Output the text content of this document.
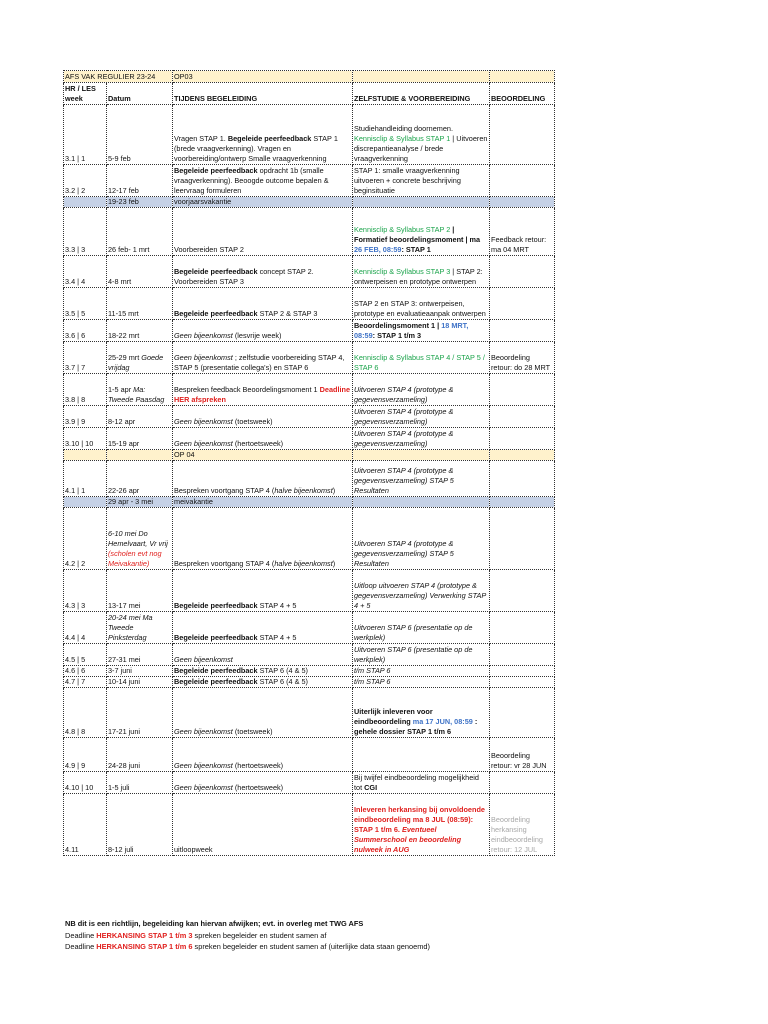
AFS VAK REGULIER 23-24		OP03		
HR / LES week	Datum	TIJDENS BEGELEIDING	ZELFSTUDIE & VOORBEREIDING	BEOORDELING
3.1 | 1	5-9 feb	Vragen STAP 1. Begeleide peerfeedback STAP 1 (brede vraagverkenning). Vragen en voorbereiding/ontwerp Smalle vraagverkenning	Studiehandleiding doornemen. Kennisclip & Syllabus STAP 1 | Uitvoeren discrepantieanalyse / brede vraagverkenning	
3.2 | 2	12-17 feb	Begeleide peerfeedback opdracht 1b (smalle vraagverkenning). Beoogde outcome bepalen & leervraag formuleren	STAP 1: smalle vraagverkenning uitvoeren + concrete beschrijving beginsituatie	
	19-23 feb	voorjaarsvakantie		
3.3 | 3	26 feb- 1 mrt	Voorbereiden STAP 2	Kennisclip & Syllabus STAP 2 | Formatief beoordelingsmoment | ma 26 FEB, 08:59: STAP 1	Feedback retour: ma 04 MRT
3.4 | 4	4-8 mrt	Begeleide peerfeedback concept STAP 2. Voorbereiden STAP 3	Kennisclip & Syllabus STAP 3 | STAP 2: ontwerpeisen en prototype ontwerpen	
3.5 | 5	11-15 mrt	Begeleide peerfeedback STAP 2 & STAP 3	STAP 2 en STAP 3: ontwerpeisen, prototype en evaluatieaanpak ontwerpen	
3.6 | 6	18-22 mrt	Geen bijeenkomst (lesvrije week)	Beoordelingsmoment 1 | 18 MRT, 08:59: STAP 1 t/m 3	
3.7 | 7	25-29 mrt Goede vrijdag	Geen bijeenkomst ; zelfstudie voorbereiding STAP 4, STAP 5 (presentatie collega's) en STAP 6	Kennisclip & Syllabus STAP 4 / STAP 5 / STAP 6	Beoordeling retour: do 28 MRT
3.8 | 8	1-5 apr Ma: Tweede Paasdag	Bespreken feedback Beoordelingsmoment 1 Deadline HER afspreken	Uitvoeren STAP 4 (prototype & gegevensverzameling)	
3.9 | 9	8-12 apr	Geen bijeenkomst (toetsweek)	Uitvoeren STAP 4 (prototype & gegevensverzameling)	
3.10 | 10	15-19 apr	Geen bijeenkomst (hertoetsweek)	Uitvoeren STAP 4 (prototype & gegevensverzameling)	
		OP 04		
4.1 | 1	22-26 apr	Bespreken voortgang STAP 4 (halve bijeenkomst)	Uitvoeren STAP 4 (prototype & gegevensverzameling) STAP 5 Resultaten	
	29 apr - 3 mei	meivakantie		
4.2 | 2	6-10 mei Do Hemelvaart, Vr vrij (scholen evt nog Meivakantie)	Bespreken voortgang STAP 4 (halve bijeenkomst)	Uitvoeren STAP 4 (prototype & gegevensverzameling) STAP 5 Resultaten	
4.3 | 3	13-17 mei	Begeleide peerfeedback STAP 4 + 5	Uitloop uitvoeren STAP 4 (prototype & gegevensverzameling) Verwerking STAP 4 + 5	
4.4 | 4	20-24 mei Ma Tweede Pinksterdag	Begeleide peerfeedback STAP 4 + 5	Uitvoeren STAP 6 (presentatie op de werkplek)	
4.5 | 5	27-31 mei	Geen bijeenkomst	Uitvoeren STAP 6 (presentatie op de werkplek)	
4.6 | 6	3-7 juni	Begeleide peerfeedback STAP 6 (4 & 5)	t/m STAP 6	
4.7 | 7	10-14 juni	Begeleide peerfeedback STAP 6 (4 & 5)	t/m STAP 6	
4.8 | 8	17-21 juni	Geen bijeenkomst (toetsweek)	Uiterlijk inleveren voor eindbeoordeling ma 17 JUN, 08:59 : gehele dossier STAP 1 t/m 6	
4.9 | 9	24-28 juni	Geen bijeenkomst (hertoetsweek)		Beoordeling retour: vr 28 JUN
4.10 | 10	1-5 juli	Geen bijeenkomst (hertoetsweek)	Bij twijfel eindbeoordeling mogelijkheid tot CGI	
4.11	8-12 juli	uitloopweek	Inleveren herkansing bij onvoldoende eindbeoordeling ma 8 JUL (08:59): STAP 1 t/m 6. Eventueel Summerschool en beoordeling nulweek in AUG	Beoordeling herkansing eindbeoordeling retour: 12 JUL
NB dit is een richtlijn, begeleiding kan hiervan afwijken; evt. in overleg met TWG AFS
Deadline HERKANSING STAP 1 t/m 3 spreken begeleider en student samen af
Deadline HERKANSING STAP 1 t/m 6 spreken begeleider en student samen af (uiterlijke data staan genoemd)
